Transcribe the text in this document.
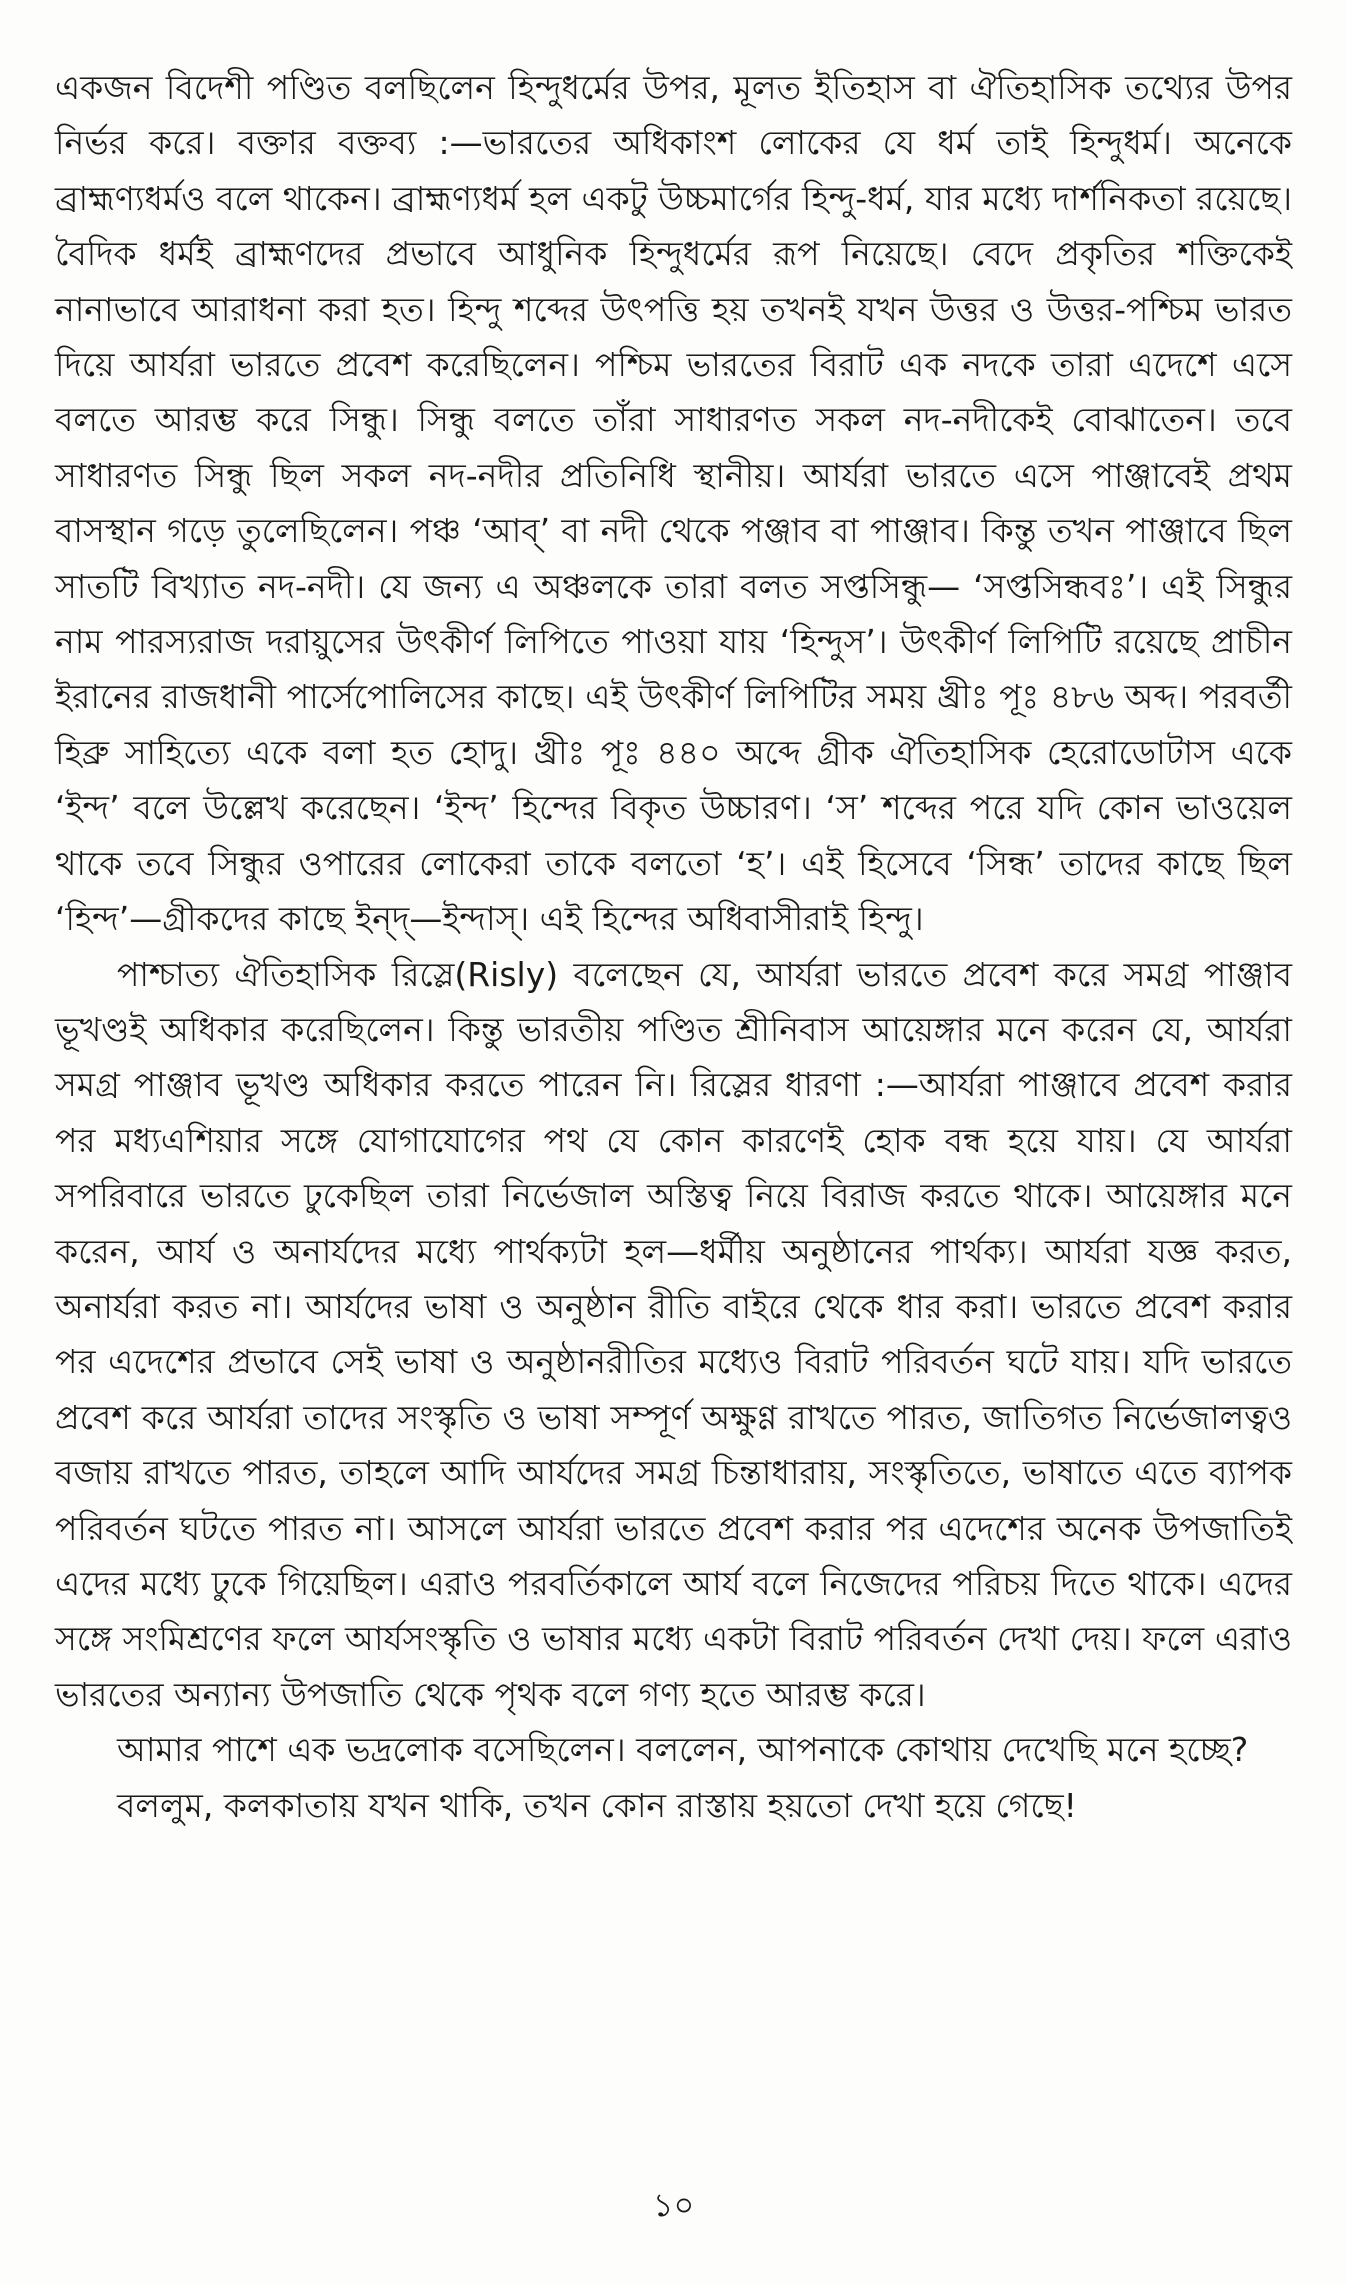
একজন বিদেশী পণ্ডিত বলছিলেন হিন্দুধর্মের উপর, মূলত ইতিহাস বা ঐতিহাসিক তথ্যের উপর নির্ভর করে। বক্তার বক্তব্য :—ভারতের অধিকাংশ লোকের যে ধর্ম তাই হিন্দুধর্ম। অনেকে ব্রাহ্মণ্যধর্মও বলে থাকেন। ব্রাহ্মণ্যধর্ম হল একটু উচ্চমার্গের হিন্দু-ধর্ম, যার মধ্যে দার্শনিকতা রয়েছে। বৈদিক ধর্মই ব্রাহ্মণদের প্রভাবে আধুনিক হিন্দুধর্মের রূপ নিয়েছে। বেদে প্রকৃতির শক্তিকেই নানাভাবে আরাধনা করা হত। হিন্দু শব্দের উৎপত্তি হয় তখনই যখন উত্তর ও উত্তর-পশ্চিম ভারত দিয়ে আর্যরা ভারতে প্রবেশ করেছিলেন। পশ্চিম ভারতের বিরাট এক নদকে তারা এদেশে এসে বলতে আরম্ভ করে সিন্ধু। সিন্ধু বলতে তাঁরা সাধারণত সকল নদ-নদীকেই বোঝাতেন। তবে সাধারণত সিন্ধু ছিল সকল নদ-নদীর প্রতিনিধি স্থানীয়। আর্যরা ভারতে এসে পাঞ্জাবেই প্রথম বাসস্থান গড়ে তুলেছিলেন। পঞ্চ ‘আব্’ বা নদী থেকে পঞ্জাব বা পাঞ্জাব। কিন্তু তখন পাঞ্জাবে ছিল সাতটি বিখ্যাত নদ-নদী। যে জন্য এ অঞ্চলকে তারা বলত সপ্তসিন্ধু— ‘সপ্তসিন্ধবঃ’। এই সিন্ধুর নাম পারস্যরাজ দরায়ুসের উৎকীর্ণ লিপিতে পাওয়া যায় ‘হিন্দুস’। উৎকীর্ণ লিপিটি রয়েছে প্রাচীন ইরানের রাজধানী পার্সেপোলিসের কাছে। এই উৎকীর্ণ লিপিটির সময় খ্রীঃ পূঃ ৪৮৬ অব্দ। পরবর্তী হিব্রু সাহিত্যে একে বলা হত হোদু। খ্রীঃ পূঃ ৪৪০ অব্দে গ্রীক ঐতিহাসিক হেরোডোটাস একে ‘ইন্দ’ বলে উল্লেখ করেছেন। ‘ইন্দ’ হিন্দের বিকৃত উচ্চারণ। ‘স’ শব্দের পরে যদি কোন ভাওয়েল থাকে তবে সিন্ধুর ওপারের লোকেরা তাকে বলতো ‘হ’। এই হিসেবে ‘সিন্ধ’ তাদের কাছে ছিল ‘হিন্দ’—গ্রীকদের কাছে ইন্দ্—ইন্দাস্। এই হিন্দের অধিবাসীরাই হিন্দু।

পাশ্চাত্য ঐতিহাসিক রিস্লে(Risly) বলেছেন যে, আর্যরা ভারতে প্রবেশ করে সমগ্র পাঞ্জাব ভূখণ্ডই অধিকার করেছিলেন। কিন্তু ভারতীয় পণ্ডিত শ্রীনিবাস আয়েঙ্গার মনে করেন যে, আর্যরা সমগ্র পাঞ্জাব ভূখণ্ড অধিকার করতে পারেন নি। রিস্লের ধারণা :—আর্যরা পাঞ্জাবে প্রবেশ করার পর মধ্যএশিয়ার সঙ্গে যোগাযোগের পথ যে কোন কারণেই হোক বন্ধ হয়ে যায়। যে আর্যরা সপরিবারে ভারতে ঢুকেছিল তারা নির্ভেজাল অস্তিত্ব নিয়ে বিরাজ করতে থাকে। আয়েঙ্গার মনে করেন, আর্য ও অনার্যদের মধ্যে পার্থক্যটা হল—ধর্মীয় অনুষ্ঠানের পার্থক্য। আর্যরা যজ্ঞ করত, অনার্যরা করত না। আর্যদের ভাষা ও অনুষ্ঠান রীতি বাইরে থেকে ধার করা। ভারতে প্রবেশ করার পর এদেশের প্রভাবে সেই ভাষা ও অনুষ্ঠানরীতির মধ্যেও বিরাট পরিবর্তন ঘটে যায়। যদি ভারতে প্রবেশ করে আর্যরা তাদের সংস্কৃতি ও ভাষা সম্পূর্ণ অক্ষুণ্ণ রাখতে পারত, জাতিগত নির্ভেজালত্বও বজায় রাখতে পারত, তাহলে আদি আর্যদের সমগ্র চিন্তাধারায়, সংস্কৃতিতে, ভাষাতে এতে ব্যাপক পরিবর্তন ঘটতে পারত না। আসলে আর্যরা ভারতে প্রবেশ করার পর এদেশের অনেক উপজাতিই এদের মধ্যে ঢুকে গিয়েছিল। এরাও পরবর্তিকালে আর্য বলে নিজেদের পরিচয় দিতে থাকে। এদের সঙ্গে সংমিশ্রণের ফলে আর্যসংস্কৃতি ও ভাষার মধ্যে একটা বিরাট পরিবর্তন দেখা দেয়। ফলে এরাও ভারতের অন্যান্য উপজাতি থেকে পৃথক বলে গণ্য হতে আরম্ভ করে।

আমার পাশে এক ভদ্রলোক বসেছিলেন। বললেন, আপনাকে কোথায় দেখেছি মনে হচ্ছে?

বললুম, কলকাতায় যখন থাকি, তখন কোন রাস্তায় হয়তো দেখা হয়ে গেছে!

১০
